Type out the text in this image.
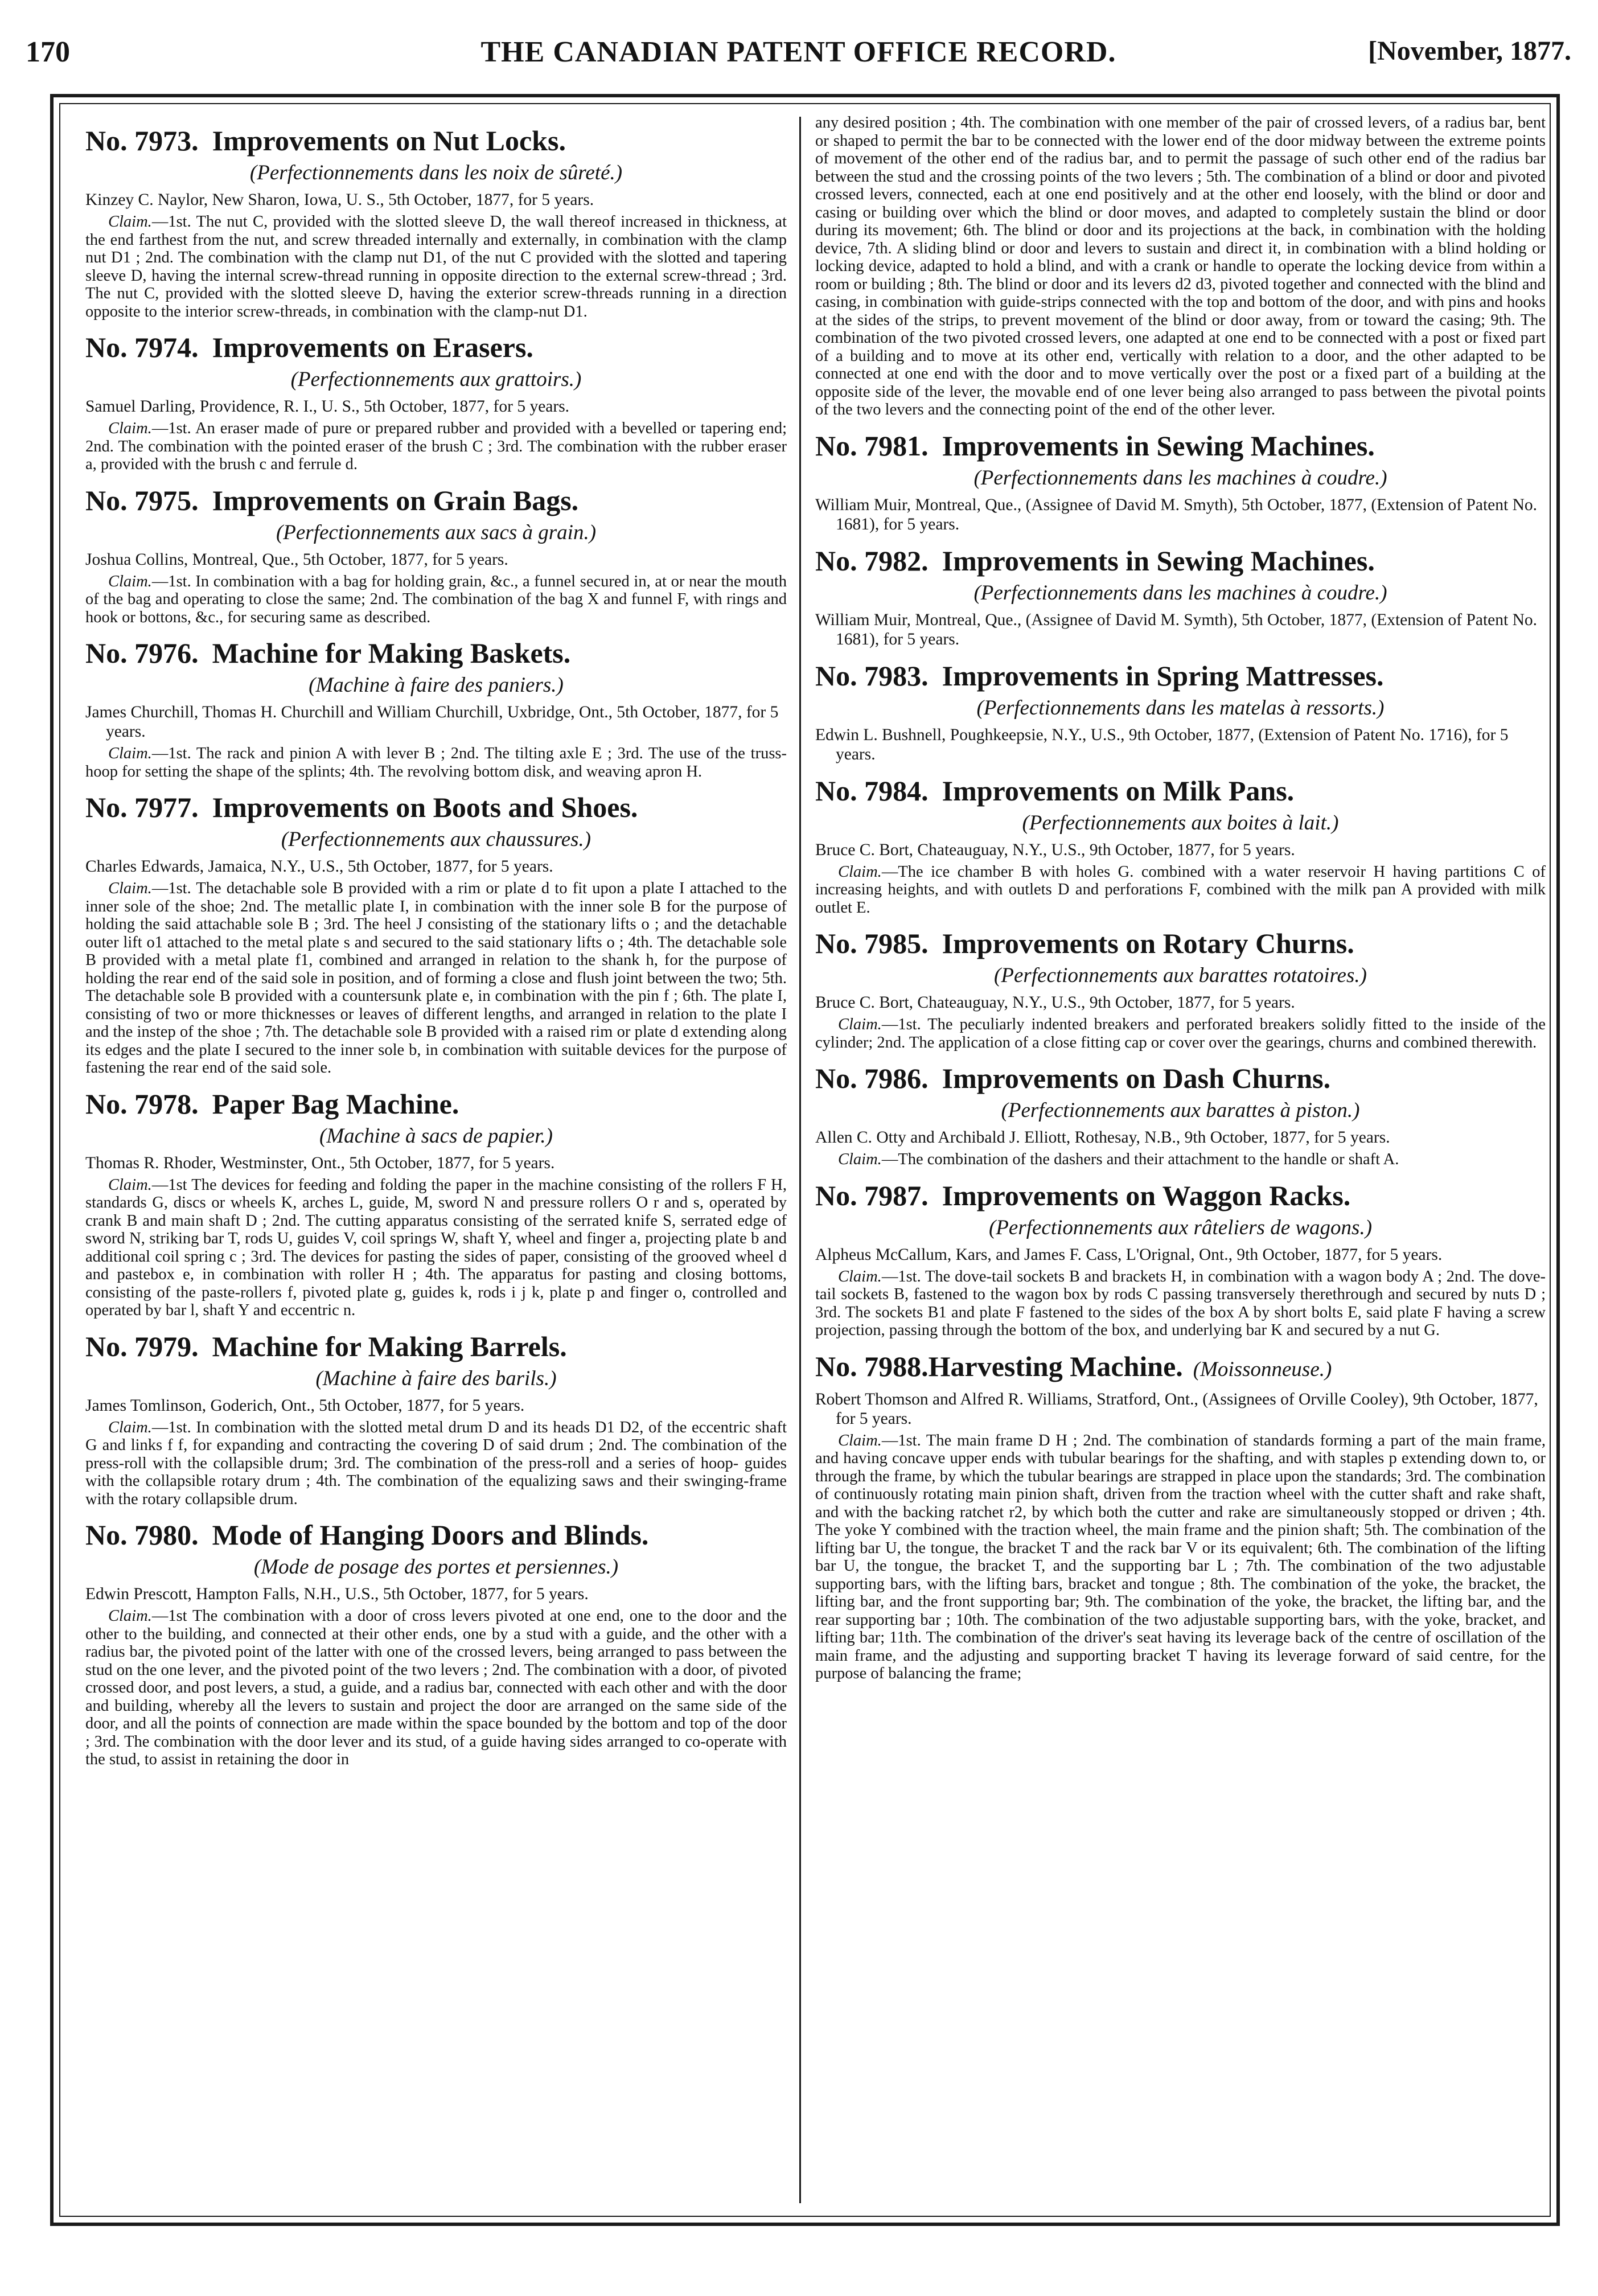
170	THE CANADIAN PATENT OFFICE RECORD.	[November, 1877.
No. 7973. Improvements on Nut Locks.
(Perfectionnements dans les noix de sûreté.)
Kinzey C. Naylor, New Sharon, Iowa, U. S., 5th October, 1877, for 5 years.

Claim.—1st. The nut C, provided with the slotted sleeve D, the wall thereof increased in thickness, at the end farthest from the nut, and screw threaded internally and externally, in combination with the clamp nut D1 ; 2nd. The combination with the clamp nut D1, of the nut C provided with the slotted and tapering sleeve D, having the internal screw-thread running in opposite direction to the external screw-thread ; 3rd. The nut C, provided with the slotted sleeve D, having the exterior screw-threads running in a direction opposite to the interior screw-threads, in combination with the clamp-nut D1.

No. 7974. Improvements on Erasers.
(Perfectionnements aux grattoirs.)
Samuel Darling, Providence, R. I., U. S., 5th October, 1877, for 5 years.

Claim.—1st. An eraser made of pure or prepared rubber and provided with a bevelled or tapering end; 2nd. The combination with the pointed eraser of the brush C ; 3rd. The combination with the rubber eraser a, provided with the brush c and ferrule d.

No. 7975. Improvements on Grain Bags.
(Perfectionnements aux sacs à grain.)
Joshua Collins, Montreal, Que., 5th October, 1877, for 5 years.

Claim.—1st. In combination with a bag for holding grain, &c., a funnel secured in, at or near the mouth of the bag and operating to close the same; 2nd. The combination of the bag X and funnel F, with rings and hook or bottons, &c., for securing same as described.

No. 7976. Machine for Making Baskets.
(Machine à faire des paniers.)
James Churchill, Thomas H. Churchill and William Churchill, Uxbridge, Ont., 5th October, 1877, for 5 years.

Claim.—1st. The rack and pinion A with lever B ; 2nd. The tilting axle E ; 3rd. The use of the truss-hoop for setting the shape of the splints; 4th. The revolving bottom disk, and weaving apron H.

No. 7977. Improvements on Boots and Shoes.
(Perfectionnements aux chaussures.)
Charles Edwards, Jamaica, N.Y., U.S., 5th October, 1877, for 5 years.

Claim.—1st. The detachable sole B provided with a rim or plate d to fit upon a plate I attached to the inner sole of the shoe; 2nd. The metallic plate I, in combination with the inner sole B for the purpose of holding the said attachable sole B ; 3rd. The heel J consisting of the stationary lifts o ; and the detachable outer lift o1 attached to the metal plate s and secured to the said stationary lifts o ; 4th. The detachable sole B provided with a metal plate f1, combined and arranged in relation to the shank h, for the purpose of holding the rear end of the said sole in position, and of forming a close and flush joint between the two; 5th. The detachable sole B provided with a countersunk plate e, in combination with the pin f ; 6th. The plate I, consisting of two or more thicknesses or leaves of different lengths, and arranged in relation to the plate I and the instep of the shoe ; 7th. The detachable sole B provided with a raised rim or plate d extending along its edges and the plate I secured to the inner sole b, in combination with suitable devices for the purpose of fastening the rear end of the said sole.

No. 7978. Paper Bag Machine.
(Machine à sacs de papier.)
Thomas R. Rhoder, Westminster, Ont., 5th October, 1877, for 5 years.

Claim.—1st The devices for feeding and folding the paper in the machine consisting of the rollers F H, standards G, discs or wheels K, arches L, guide, M, sword N and pressure rollers O r and s, operated by crank B and main shaft D ; 2nd. The cutting apparatus consisting of the serrated knife S, serrated edge of sword N, striking bar T, rods U, guides V, coil springs W, shaft Y, wheel and finger a, projecting plate b and additional coil spring c ; 3rd. The devices for pasting the sides of paper, consisting of the grooved wheel d and pastebox e, in combination with roller H ; 4th. The apparatus for pasting and closing bottoms, consisting of the paste-rollers f, pivoted plate g, guides k, rods i j k, plate p and finger o, controlled and operated by bar l, shaft Y and eccentric n.

No. 7979. Machine for Making Barrels.
(Machine à faire des barils.)
James Tomlinson, Goderich, Ont., 5th October, 1877, for 5 years.

Claim.—1st. In combination with the slotted metal drum D and its heads D1 D2, of the eccentric shaft G and links f f, for expanding and contracting the covering D of said drum ; 2nd. The combination of the press-roll with the collapsible drum; 3rd. The combination of the press-roll and a series of hoop- guides with the collapsible rotary drum ; 4th. The combination of the equalizing saws and their swinging-frame with the rotary collapsible drum.

No. 7980. Mode of Hanging Doors and Blinds.
(Mode de posage des portes et persiennes.)
Edwin Prescott, Hampton Falls, N.H., U.S., 5th October, 1877, for 5 years.

Claim.—1st The combination with a door of cross levers pivoted at one end, one to the door and the other to the building, and connected at their other ends, one by a stud with a guide, and the other with a radius bar, the pivoted point of the latter with one of the crossed levers, being arranged to pass between the stud on the one lever, and the pivoted point of the two levers ; 2nd. The combination with a door, of pivoted crossed door, and post levers, a stud, a guide, and a radius bar, connected with each other and with the door and building, whereby all the levers to sustain and project the door are arranged on the same side of the door, and all the points of connection are made within the space bounded by the bottom and top of the door ; 3rd. The combination with the door lever and its stud, of a guide having sides arranged to co-operate with the stud, to assist in retaining the door in

any desired position ; 4th. The combination with one member of the pair of crossed levers, of a radius bar, bent or shaped to permit the bar to be connected with the lower end of the door midway between the extreme points of movement of the other end of the radius bar, and to permit the passage of such other end of the radius bar between the stud and the crossing points of the two levers ; 5th. The combination of a blind or door and pivoted crossed levers, connected, each at one end positively and at the other end loosely, with the blind or door and casing or building over which the blind or door moves, and adapted to completely sustain the blind or door during its movement; 6th. The blind or door and its projections at the back, in combination with the holding device, 7th. A sliding blind or door and levers to sustain and direct it, in combination with a blind holding or locking device, adapted to hold a blind, and with a crank or handle to operate the locking device from within a room or building ; 8th. The blind or door and its levers d2 d3, pivoted together and connected with the blind and casing, in combination with guide-strips connected with the top and bottom of the door, and with pins and hooks at the sides of the strips, to prevent movement of the blind or door away, from or toward the casing; 9th. The combination of the two pivoted crossed levers, one adapted at one end to be connected with a post or fixed part of a building and to move at its other end, vertically with relation to a door, and the other adapted to be connected at one end with the door and to move vertically over the post or a fixed part of a building at the opposite side of the lever, the movable end of one lever being also arranged to pass between the pivotal points of the two levers and the connecting point of the end of the other lever.

No. 7981. Improvements in Sewing Machines.
(Perfectionnements dans les machines à coudre.)
William Muir, Montreal, Que., (Assignee of David M. Smyth), 5th October, 1877, (Extension of Patent No. 1681), for 5 years.
No. 7982. Improvements in Sewing Machines.
(Perfectionnements dans les machines à coudre.)
William Muir, Montreal, Que., (Assignee of David M. Symth), 5th October, 1877, (Extension of Patent No. 1681), for 5 years.
No. 7983. Improvements in Spring Mattresses.
(Perfectionnements dans les matelas à ressorts.)
Edwin L. Bushnell, Poughkeepsie, N.Y., U.S., 9th October, 1877, (Extension of Patent No. 1716), for 5 years.
No. 7984. Improvements on Milk Pans.
(Perfectionnements aux boites à lait.)
Bruce C. Bort, Chateauguay, N.Y., U.S., 9th October, 1877, for 5 years.

Claim.—The ice chamber B with holes G. combined with a water reservoir H having partitions C of increasing heights, and with outlets D and perforations F, combined with the milk pan A provided with milk outlet E.

No. 7985. Improvements on Rotary Churns.
(Perfectionnements aux barattes rotatoires.)
Bruce C. Bort, Chateauguay, N.Y., U.S., 9th October, 1877, for 5 years.

Claim.—1st. The peculiarly indented breakers and perforated breakers solidly fitted to the inside of the cylinder; 2nd. The application of a close fitting cap or cover over the gearings, churns and combined therewith.

No. 7986. Improvements on Dash Churns.
(Perfectionnements aux barattes à piston.)
Allen C. Otty and Archibald J. Elliott, Rothesay, N.B., 9th October, 1877, for 5 years.

Claim.—The combination of the dashers and their attachment to the handle or shaft A.

No. 7987. Improvements on Waggon Racks.
(Perfectionnements aux râteliers de wagons.)
Alpheus McCallum, Kars, and James F. Cass, L'Orignal, Ont., 9th October, 1877, for 5 years.

Claim.—1st. The dove-tail sockets B and brackets H, in combination with a wagon body A ; 2nd. The dove-tail sockets B, fastened to the wagon box by rods C passing transversely therethrough and secured by nuts D ; 3rd. The sockets B1 and plate F fastened to the sides of the box A by short bolts E, said plate F having a screw projection, passing through the bottom of the box, and underlying bar K and secured by a nut G.

No. 7988.Harvesting Machine. (Moissonneuse.)
Robert Thomson and Alfred R. Williams, Stratford, Ont., (Assignees of Orville Cooley), 9th October, 1877, for 5 years.

Claim.—1st. The main frame D H ; 2nd. The combination of standards forming a part of the main frame, and having concave upper ends with tubular bearings for the shafting, and with staples p extending down to, or through the frame, by which the tubular bearings are strapped in place upon the standards; 3rd. The combination of continuously rotating main pinion shaft, driven from the traction wheel with the cutter shaft and rake shaft, and with the backing ratchet r2, by which both the cutter and rake are simultaneously stopped or driven ; 4th. The yoke Y combined with the traction wheel, the main frame and the pinion shaft; 5th. The combination of the lifting bar U, the tongue, the bracket T and the rack bar V or its equivalent; 6th. The combination of the lifting bar U, the tongue, the bracket T, and the supporting bar L ; 7th. The combination of the two adjustable supporting bars, with the lifting bars, bracket and tongue ; 8th. The combination of the yoke, the bracket, the lifting bar, and the front supporting bar; 9th. The combination of the yoke, the bracket, the lifting bar, and the rear supporting bar ; 10th. The combination of the two adjustable supporting bars, with the yoke, bracket, and lifting bar; 11th. The combination of the driver's seat having its leverage back of the centre of oscillation of the main frame, and the adjusting and supporting bracket T having its leverage forward of said centre, for the purpose of balancing the frame;
